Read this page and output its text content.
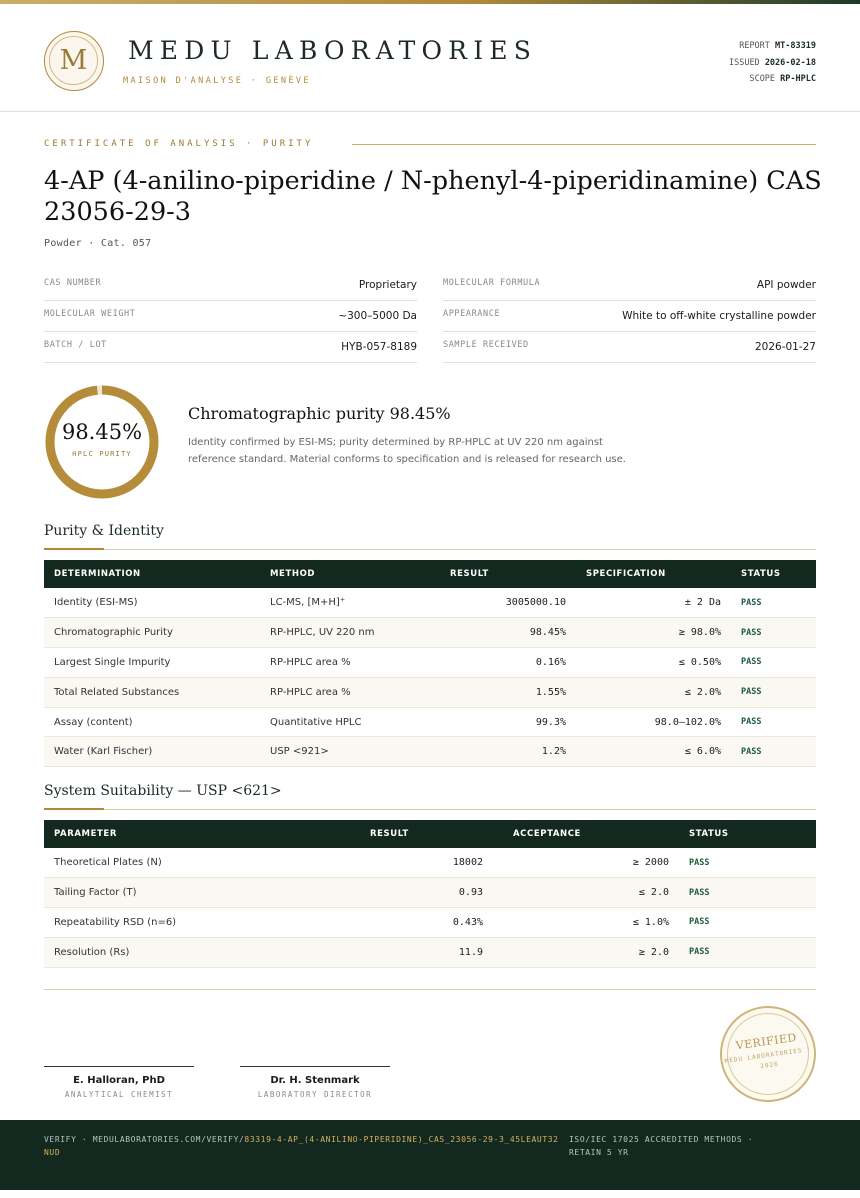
M	MEDU LABORATORIES
MAISON D'ANALYSE · GENÈVE
REPORT MT-83319
ISSUED 2026-02-18
SCOPE RP-HPLC
CERTIFICATE OF ANALYSIS · PURITY
4-AP (4-anilino-piperidine / N-phenyl-4-piperidinamine) CAS 23056-29-3
Powder · Cat. 057
CAS NUMBER	Proprietary	MOLECULAR FORMULA	API powder
MOLECULAR WEIGHT	~300–5000 Da	APPEARANCE	White to off-white crystalline powder
BATCH / LOT	HYB-057-8189	SAMPLE RECEIVED	2026-01-27
98.45%
HPLC PURITY
Chromatographic purity 98.45%
Identity confirmed by ESI-MS; purity determined by RP-HPLC at UV 220 nm against reference standard. Material conforms to specification and is released for research use.
Purity & Identity
DETERMINATION	METHOD	RESULT	SPECIFICATION	STATUS
Identity (ESI-MS)	LC-MS, [M+H]⁺	3005000.10	± 2 Da	PASS
Chromatographic Purity	RP-HPLC, UV 220 nm	98.45%	≥ 98.0%	PASS
Largest Single Impurity	RP-HPLC area %	0.16%	≤ 0.50%	PASS
Total Related Substances	RP-HPLC area %	1.55%	≤ 2.0%	PASS
Assay (content)	Quantitative HPLC	99.3%	98.0–102.0%	PASS
Water (Karl Fischer)	USP <921>	1.2%	≤ 6.0%	PASS
System Suitability — USP <621>
PARAMETER	RESULT	ACCEPTANCE	STATUS
Theoretical Plates (N)	18002	≥ 2000	PASS
Tailing Factor (T)	0.93	≤ 2.0	PASS
Repeatability RSD (n=6)	0.43%	≤ 1.0%	PASS
Resolution (Rs)	11.9	≥ 2.0	PASS
E. Halloran, PhD
ANALYTICAL CHEMIST
Dr. H. Stenmark
LABORATORY DIRECTOR
VERIFIED
MEDU LABORATORIES · 2026
VERIFY · MEDULABORATORIES.COM/VERIFY/83319-4-AP_(4-ANILINO-PIPERIDINE)_CAS_23056-29-3_45LEAUT32NUD
ISO/IEC 17025 ACCREDITED METHODS · RETAIN 5 YR
